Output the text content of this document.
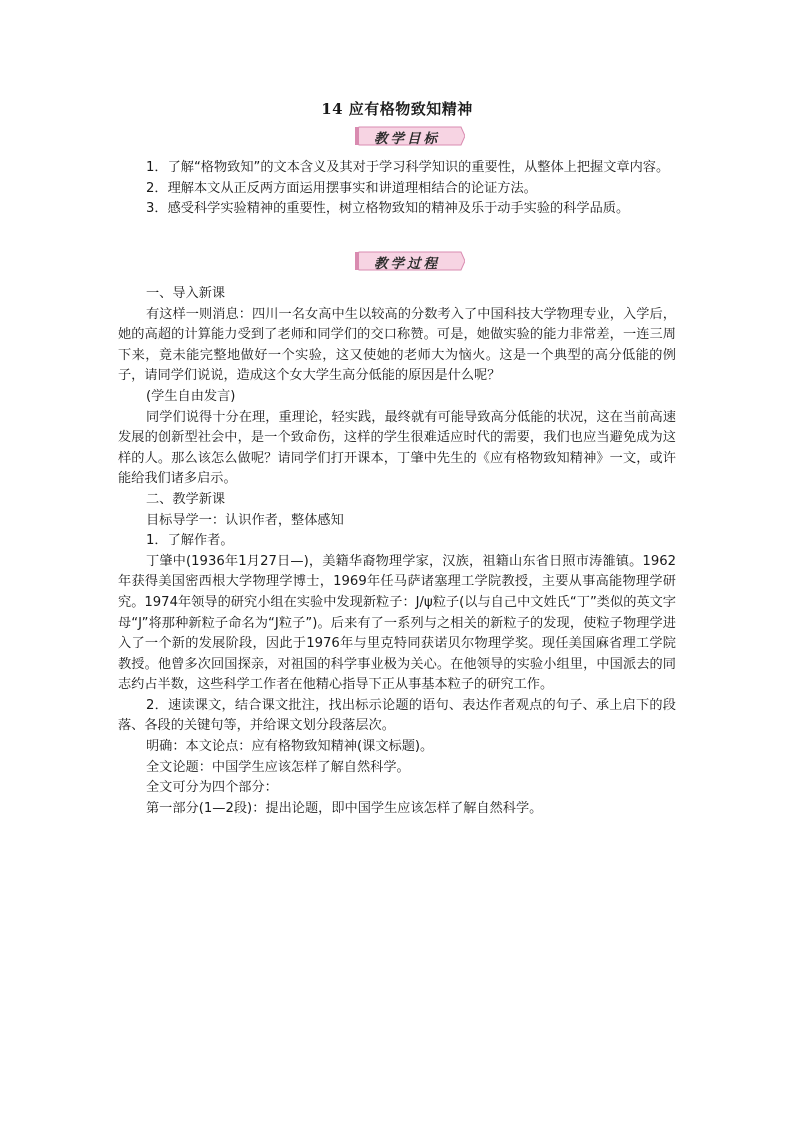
14 应有格物致知精神
教学目标

1．了解“格物致知”的文本含义及其对于学习科学知识的重要性，从整体上把握文章内容。

2．理解本文从正反两方面运用摆事实和讲道理相结合的论证方法。

3．感受科学实验精神的重要性，树立格物致知的精神及乐于动手实验的科学品质。

教学过程

一、导入新课

有这样一则消息：四川一名女高中生以较高的分数考入了中国科技大学物理专业，入学后，她的高超的计算能力受到了老师和同学们的交口称赞。可是，她做实验的能力非常差，一连三周下来，竟未能完整地做好一个实验，这又使她的老师大为恼火。这是一个典型的高分低能的例子，请同学们说说，造成这个女大学生高分低能的原因是什么呢？

(学生自由发言)

同学们说得十分在理，重理论，轻实践，最终就有可能导致高分低能的状况，这在当前高速发展的创新型社会中，是一个致命伤，这样的学生很难适应时代的需要，我们也应当避免成为这样的人。那么该怎么做呢？请同学们打开课本，丁肇中先生的《应有格物致知精神》一文，或许能给我们诸多启示。

二、教学新课

目标导学一：认识作者，整体感知

1．了解作者。

丁肇中(1936年1月27日—)，美籍华裔物理学家，汉族，祖籍山东省日照市涛雒镇。1962年获得美国密西根大学物理学博士，1969年任马萨诸塞理工学院教授，主要从事高能物理学研究。1974年领导的研究小组在实验中发现新粒子：J/ψ粒子(以与自己中文姓氏“丁”类似的英文字母“J”将那种新粒子命名为“J粒子”)。后来有了一系列与之相关的新粒子的发现，使粒子物理学进入了一个新的发展阶段，因此于1976年与里克特同获诺贝尔物理学奖。现任美国麻省理工学院教授。他曾多次回国探亲，对祖国的科学事业极为关心。在他领导的实验小组里，中国派去的同志约占半数，这些科学工作者在他精心指导下正从事基本粒子的研究工作。

2．速读课文，结合课文批注，找出标示论题的语句、表达作者观点的句子、承上启下的段落、各段的关键句等，并给课文划分段落层次。

明确：本文论点：应有格物致知精神(课文标题)。

全文论题：中国学生应该怎样了解自然科学。

全文可分为四个部分：

第一部分(1—2段)：提出论题，即中国学生应该怎样了解自然科学。
